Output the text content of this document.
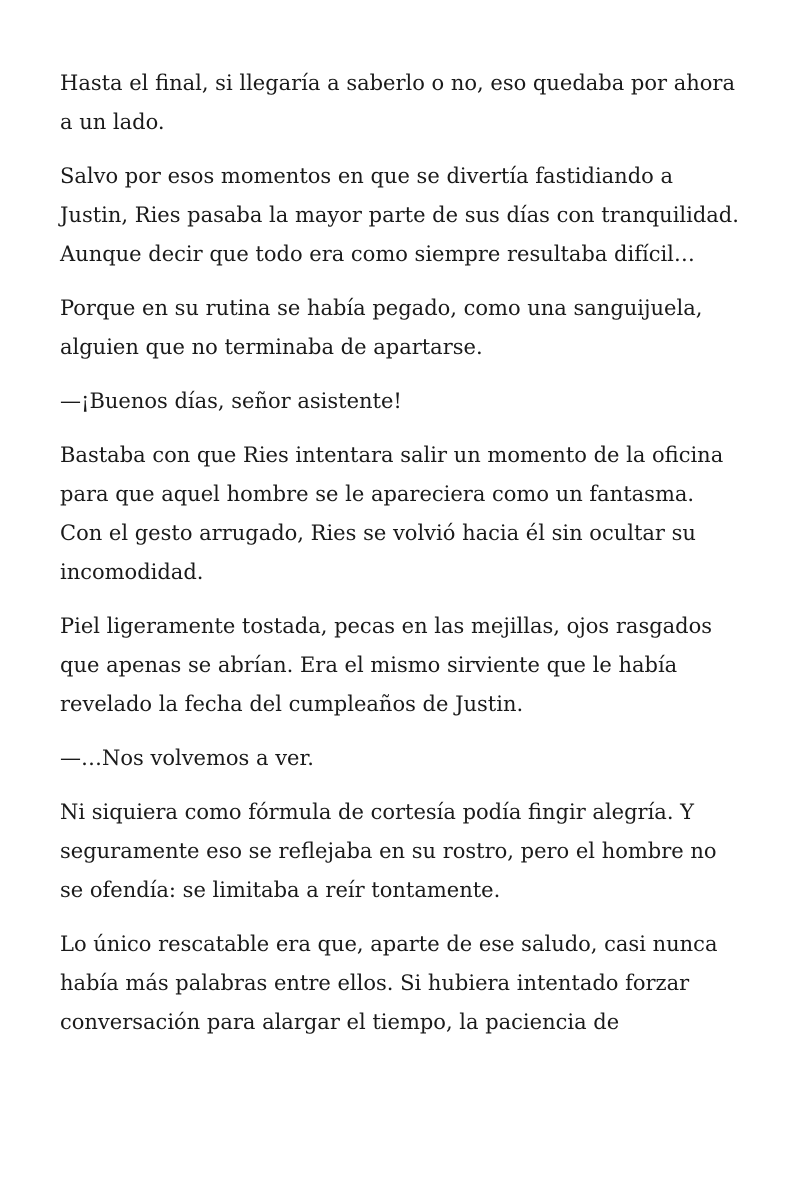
Hasta el final, si llegaría a saberlo o no, eso quedaba por ahora a un lado.

Salvo por esos momentos en que se divertía fastidiando a Justin, Ries pasaba la mayor parte de sus días con tranquilidad. Aunque decir que todo era como siempre resultaba difícil…

Porque en su rutina se había pegado, como una sanguijuela, alguien que no terminaba de apartarse.

—¡Buenos días, señor asistente!

Bastaba con que Ries intentara salir un momento de la oficina para que aquel hombre se le apareciera como un fantasma. Con el gesto arrugado, Ries se volvió hacia él sin ocultar su incomodidad.

Piel ligeramente tostada, pecas en las mejillas, ojos rasgados que apenas se abrían. Era el mismo sirviente que le había revelado la fecha del cumpleaños de Justin.

—…Nos volvemos a ver.

Ni siquiera como fórmula de cortesía podía fingir alegría. Y seguramente eso se reflejaba en su rostro, pero el hombre no se ofendía: se limitaba a reír tontamente.

Lo único rescatable era que, aparte de ese saludo, casi nunca había más palabras entre ellos. Si hubiera intentado forzar conversación para alargar el tiempo, la paciencia de
